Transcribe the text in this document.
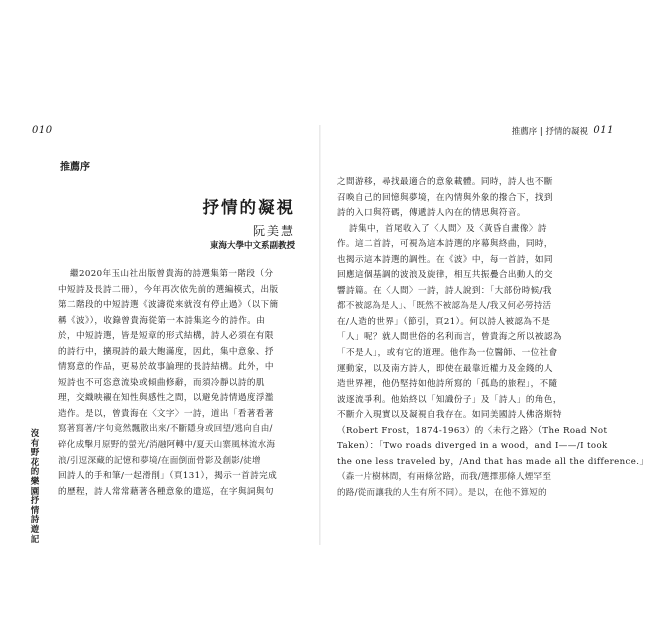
010
推薦序
抒情的凝視
阮美慧
東海大學中文系副教授
繼2020年玉山社出版曾貴海的詩選集第一階段（分
中短詩及長詩二冊），今年再次依先前的選編模式，出版
第二階段的中短詩選《波濤從來就沒有停止過》（以下簡
稱《波》），收錄曾貴海從第一本詩集迄今的詩作。由
於，中短詩選，皆是短章的形式結構，詩人必須在有限
的詩行中，擴現詩的最大飽滿度，因此，集中意象、抒
情寫意的作品，更易於故事論理的長詩結構。此外，中
短詩也不可恣意流染或傾曲修辭，而須冷靜以詩的肌
理，交織映襯在知性與感性之間，以避免詩情過度浮濫
造作。是以，曾貴海在〈文字〉一詩，道出「看著看著
寫著寫著/字句竟然飄散出來/不斷隱身或回望/逃向自由/
碎化成擊月原野的螢光/消融阿轉中/夏天山寨風林流水海
浪/引逗深藏的記憶和夢境/在面倒面骨影及創影/徒增
回詩人的手和筆/一起滑削」（頁131），揭示一首詩完成
的歷程，詩人常常藉著各種意象的遣巡，在字與詞與句
沒
有
野
花
的
樂
園
抒
情
詩
遊
記
推薦序 | 抒情的凝視 011
之間游移，尋找最適合的意象載體。同時，詩人也不斷
召喚自己的回憶與夢境，在內情與外象的撥合下，找到
詩的入口與符碼，傳遞詩人內在的情思與符音。
詩集中，首尾收入了〈人間〉及〈黃昏自畫像〉詩
作。這二首詩，可視為這本詩選的序幕與終曲，同時，
也揭示這本詩選的調性。在《波》中，每一首詩，如同
回應這個基調的波浪及旋律，相互共振疊合出動人的交
響詩篇。在〈人間〉一詩，詩人說到：「大部份時候/我
都不被認為是人」、「既然不被認為是人/我又何必勞持活
在/人造的世界」（節引，頁21）。何以詩人被認為不是
「人」呢？就人間世俗的名利而言，曾貴海之所以被認為
「不是人」，或有它的道理。他作為一位醫師、一位社會
運動家，以及南方詩人，即使在最靠近權力及金錢的人
造世界裡，他仍堅持如他詩所寫的「孤島的旅程」，不隨
波逐流爭利。他始終以「知識份子」及「詩人」的角色，
不斷介入現實以及凝視自我存在。如同美國詩人佛洛斯特
（Robert Frost，1874-1963）的〈未行之路〉（The Road Not
Taken）：「Two roads diverged in a wood，and I——/I took
the one less traveled by，/And that has made all the difference.」
（森一片樹林間，有兩條岔路，而我/選擇那條人煙罕至
的路/從而讓我的人生有所不同）。是以，在他不算短的
